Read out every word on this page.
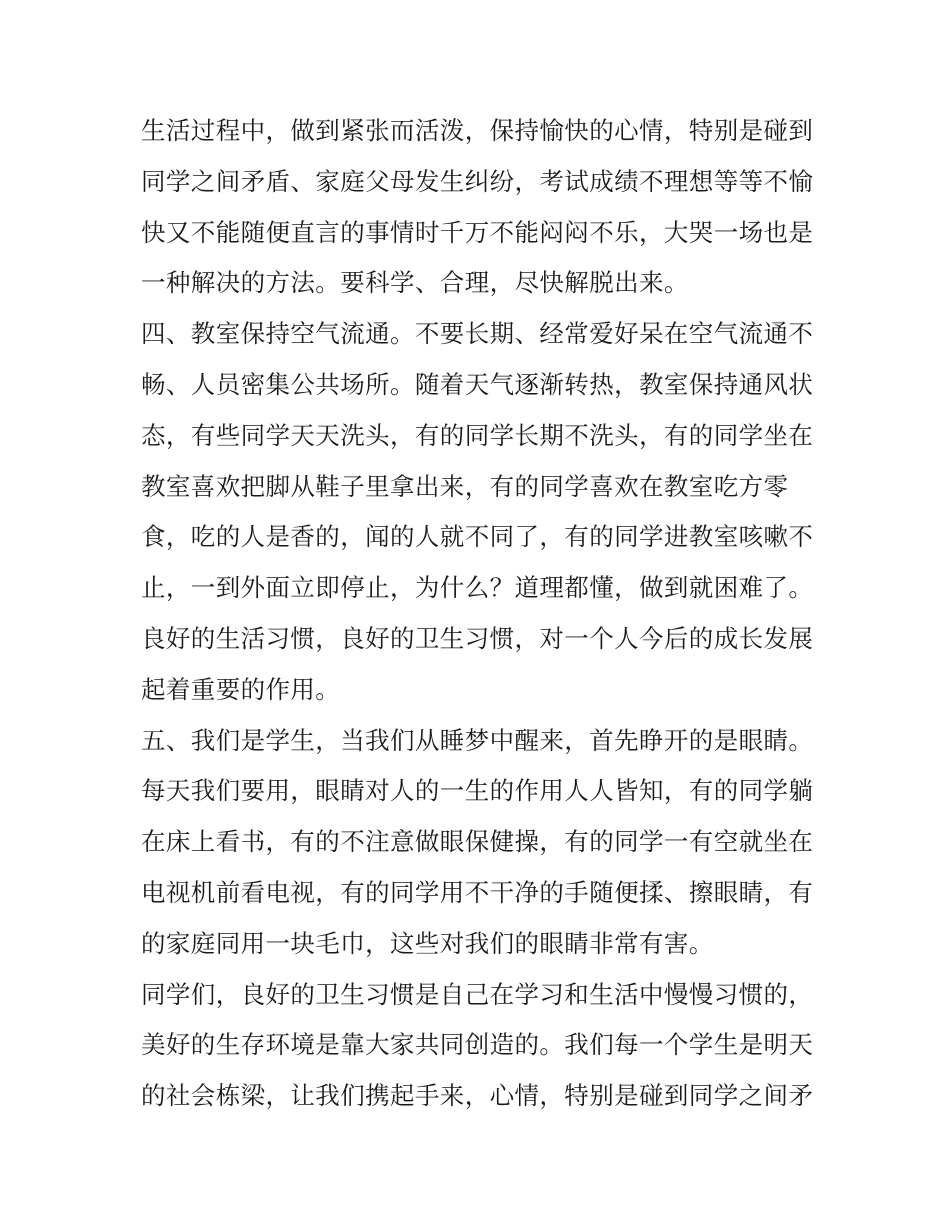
生活过程中，做到紧张而活泼，保持愉快的心情，特别是碰到
同学之间矛盾、家庭父母发生纠纷，考试成绩不理想等等不愉
快又不能随便直言的事情时千万不能闷闷不乐，大哭一场也是
一种解决的方法。要科学、合理，尽快解脱出来。
四、教室保持空气流通。不要长期、经常爱好呆在空气流通不
畅、人员密集公共场所。随着天气逐渐转热，教室保持通风状
态，有些同学天天洗头，有的同学长期不洗头，有的同学坐在
教室喜欢把脚从鞋子里拿出来，有的同学喜欢在教室吃方零
食，吃的人是香的，闻的人就不同了，有的同学进教室咳嗽不
止，一到外面立即停止，为什么？道理都懂，做到就困难了。
良好的生活习惯，良好的卫生习惯，对一个人今后的成长发展
起着重要的作用。
五、我们是学生，当我们从睡梦中醒来，首先睁开的是眼睛。
每天我们要用，眼睛对人的一生的作用人人皆知，有的同学躺
在床上看书，有的不注意做眼保健操，有的同学一有空就坐在
电视机前看电视，有的同学用不干净的手随便揉、擦眼睛，有
的家庭同用一块毛巾，这些对我们的眼睛非常有害。
同学们，良好的卫生习惯是自己在学习和生活中慢慢习惯的，
美好的生存环境是靠大家共同创造的。我们每一个学生是明天
的社会栋梁，让我们携起手来，心情，特别是碰到同学之间矛
